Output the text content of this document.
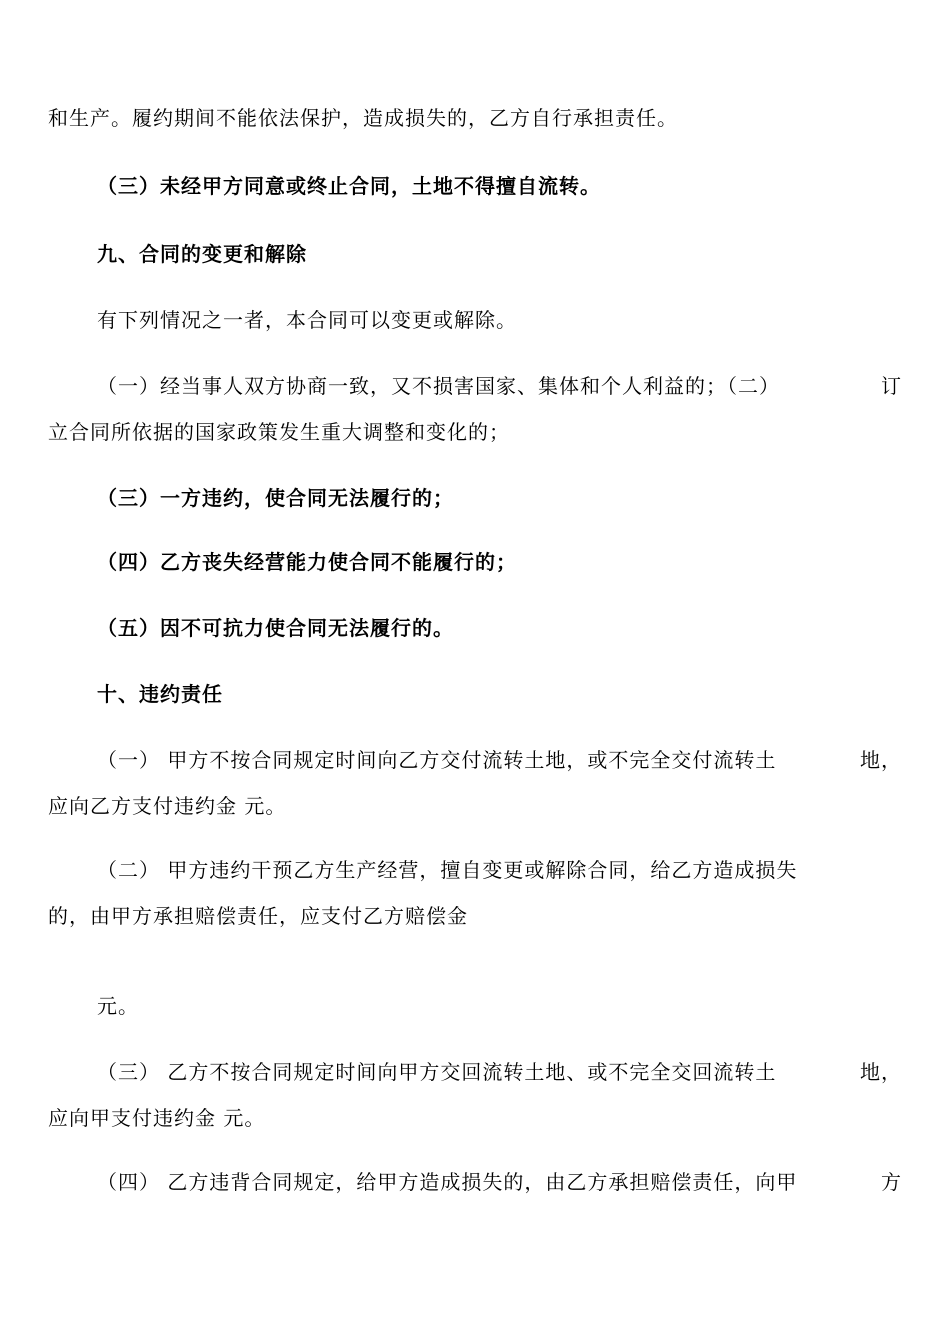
和生产。履约期间不能依法保护，造成损失的，乙方自行承担责任。
（三）未经甲方同意或终止合同，土地不得擅自流转。
九、合同的变更和解除
有下列情况之一者，本合同可以变更或解除。
（一）经当事人双方协商一致，又不损害国家、集体和个人利益的；（二）	订
立合同所依据的国家政策发生重大调整和变化的；
（三）一方违约，使合同无法履行的；
（四）乙方丧失经营能力使合同不能履行的；
（五）因不可抗力使合同无法履行的。
十、违约责任
（一） 甲方不按合同规定时间向乙方交付流转土地，或不完全交付流转土	地，
应向乙方支付违约金 元。
（二） 甲方违约干预乙方生产经营，擅自变更或解除合同，给乙方造成损失
的，由甲方承担赔偿责任，应支付乙方赔偿金
元。
（三） 乙方不按合同规定时间向甲方交回流转土地、或不完全交回流转土	地，
应向甲支付违约金 元。
（四） 乙方违背合同规定，给甲方造成损失的，由乙方承担赔偿责任，向甲	方
